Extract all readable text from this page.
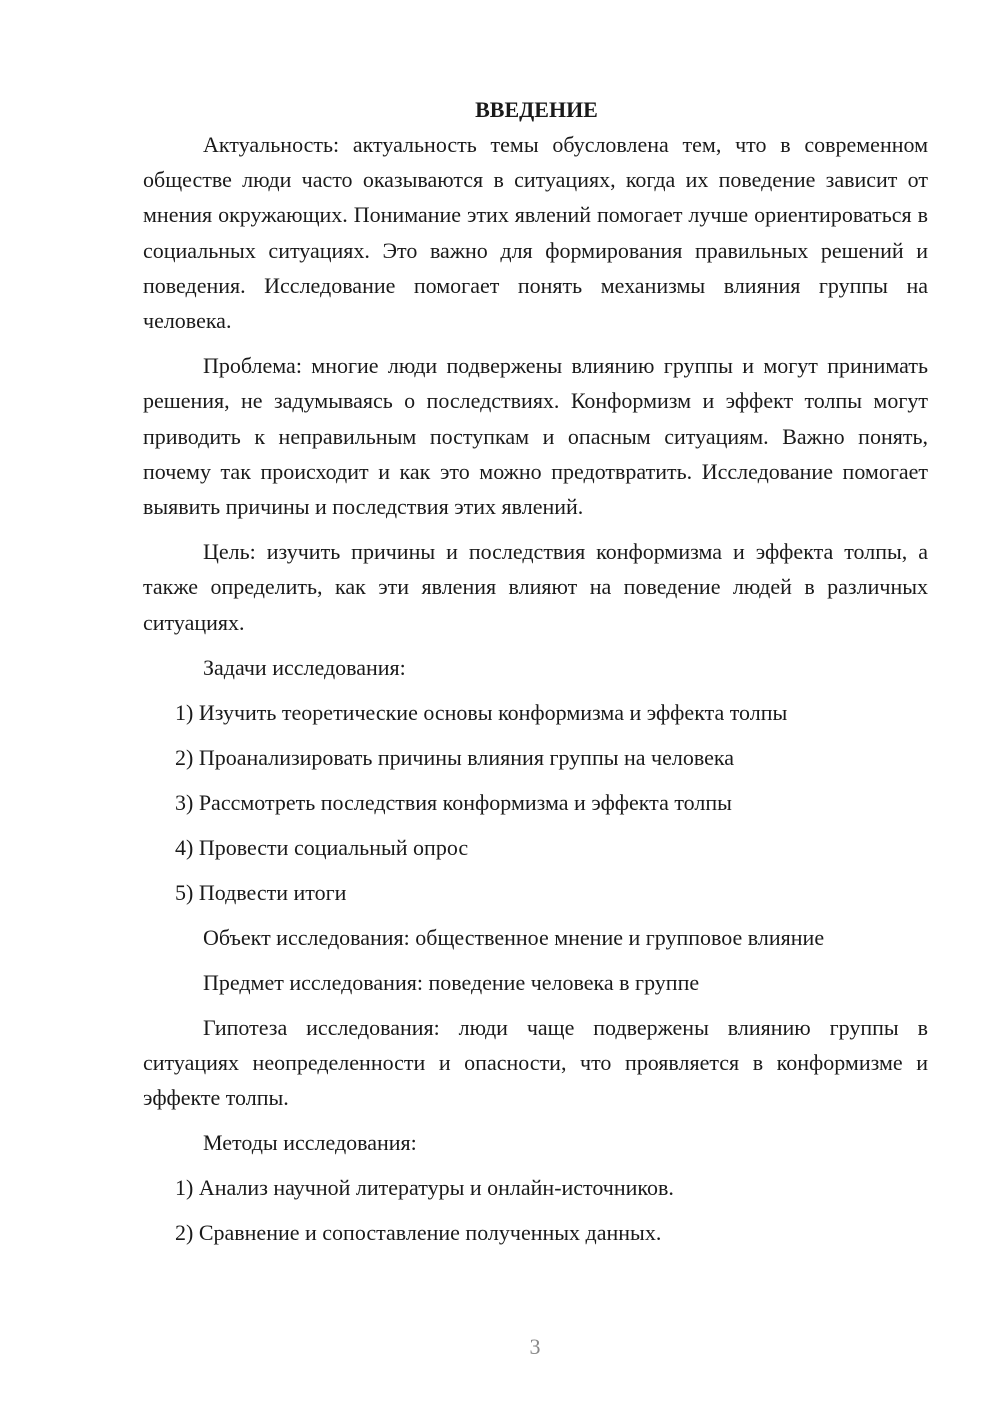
ВВЕДЕНИЕ

Актуальность: актуальность темы обусловлена тем, что в современном обществе люди часто оказываются в ситуациях, когда их поведение зависит от мнения окружающих. Понимание этих явлений помогает лучше ориентироваться в социальных ситуациях. Это важно для формирования правильных решений и поведения. Исследование помогает понять механизмы влияния группы на человека.

Проблема: многие люди подвержены влиянию группы и могут принимать решения, не задумываясь о последствиях. Конформизм и эффект толпы могут приводить к неправильным поступкам и опасным ситуациям. Важно понять, почему так происходит и как это можно предотвратить. Исследование помогает выявить причины и последствия этих явлений.

Цель: изучить причины и последствия конформизма и эффекта толпы, а также определить, как эти явления влияют на поведение людей в различных ситуациях.

Задачи исследования:
1) Изучить теоретические основы конформизма и эффекта толпы
2) Проанализировать причины влияния группы на человека
3) Рассмотреть последствия конформизма и эффекта толпы
4) Провести социальный опрос
5) Подвести итоги
Объект исследования: общественное мнение и групповое влияние
Предмет исследования: поведение человека в группе

Гипотеза исследования: люди чаще подвержены влиянию группы в ситуациях неопределенности и опасности, что проявляется в конформизме и эффекте толпы.

Методы исследования:
1) Анализ научной литературы и онлайн-источников.
2) Сравнение и сопоставление полученных данных.
3
